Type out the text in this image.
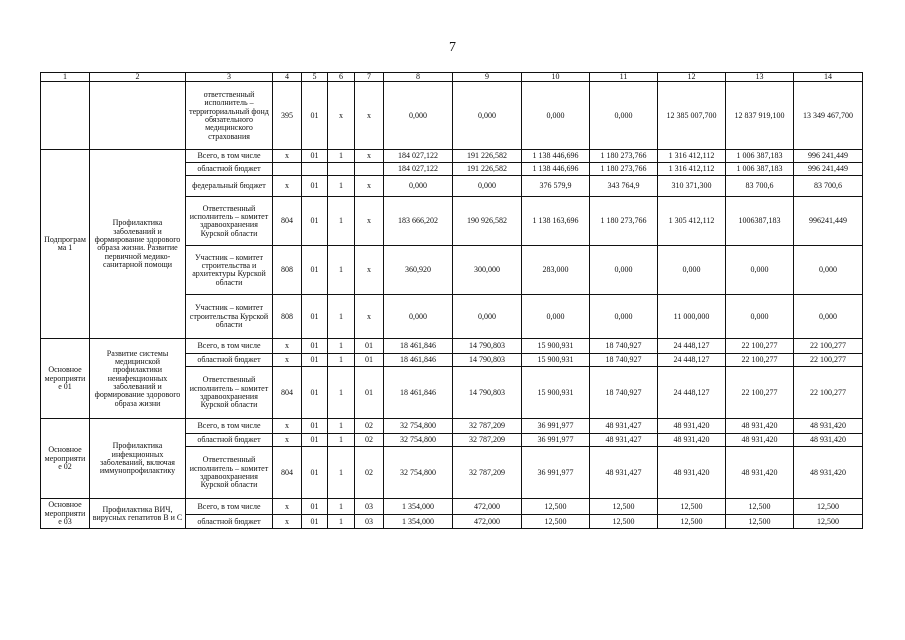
7
1	2	3	4	5	6	7	8	9	10	11	12	13	14
		ответственный исполнитель – территориальный фонд обязательного медицинского страхования	395	01	x	x	0,000	0,000	0,000	0,000	12 385 007,700	12 837 919,100	13 349 467,700
Подпрограмма 1	Профилактика заболеваний и формирование здорового образа жизни. Развитие первичной медико-санитарной помощи	Всего, в том числе	x	01	1	x	184 027,122	191 226,582	1 138 446,696	1 180 273,766	1 316 412,112	1 006 387,183	996 241,449
		областной бюджет					184 027,122	191 226,582	1 138 446,696	1 180 273,766	1 316 412,112	1 006 387,183	996 241,449
		федеральный бюджет	x	01	1	x	0,000	0,000	376 579,9	343 764,9	310 371,300	83 700,6	83 700,6
		Ответственный исполнитель – комитет здравоохранения Курской области	804	01	1	x	183 666,202	190 926,582	1 138 163,696	1 180 273,766	1 305 412,112	1006387,183	996241,449
		Участник – комитет строительства и архитектуры Курской области	808	01	1	x	360,920	300,000	283,000	0,000	0,000	0,000	0,000
		Участник – комитет строительства Курской области	808	01	1	x	0,000	0,000	0,000	0,000	11 000,000	0,000	0,000
Основное мероприятие 01	Развитие системы медицинской профилактики неинфекционных заболеваний и формирование здорового образа жизни	Всего, в том числе	x	01	1	01	18 461,846	14 790,803	15 900,931	18 740,927	24 448,127	22 100,277	22 100,277
		областной бюджет	x	01	1	01	18 461,846	14 790,803	15 900,931	18 740,927	24 448,127	22 100,277	22 100,277
		Ответственный исполнитель – комитет здравоохранения Курской области	804	01	1	01	18 461,846	14 790,803	15 900,931	18 740,927	24 448,127	22 100,277	22 100,277
Основное мероприятие 02	Профилактика инфекционных заболеваний, включая иммунопрофилактику	Всего, в том числе	x	01	1	02	32 754,800	32 787,209	36 991,977	48 931,427	48 931,420	48 931,420	48 931,420
		областной бюджет	x	01	1	02	32 754,800	32 787,209	36 991,977	48 931,427	48 931,420	48 931,420	48 931,420
		Ответственный исполнитель – комитет здравоохранения Курской области	804	01	1	02	32 754,800	32 787,209	36 991,977	48 931,427	48 931,420	48 931,420	48 931,420
Основное мероприятие 03	Профилактика ВИЧ, вирусных гепатитов В и С	Всего, в том числе	x	01	1	03	1 354,000	472,000	12,500	12,500	12,500	12,500	12,500
		областной бюджет	x	01	1	03	1 354,000	472,000	12,500	12,500	12,500	12,500	12,500
